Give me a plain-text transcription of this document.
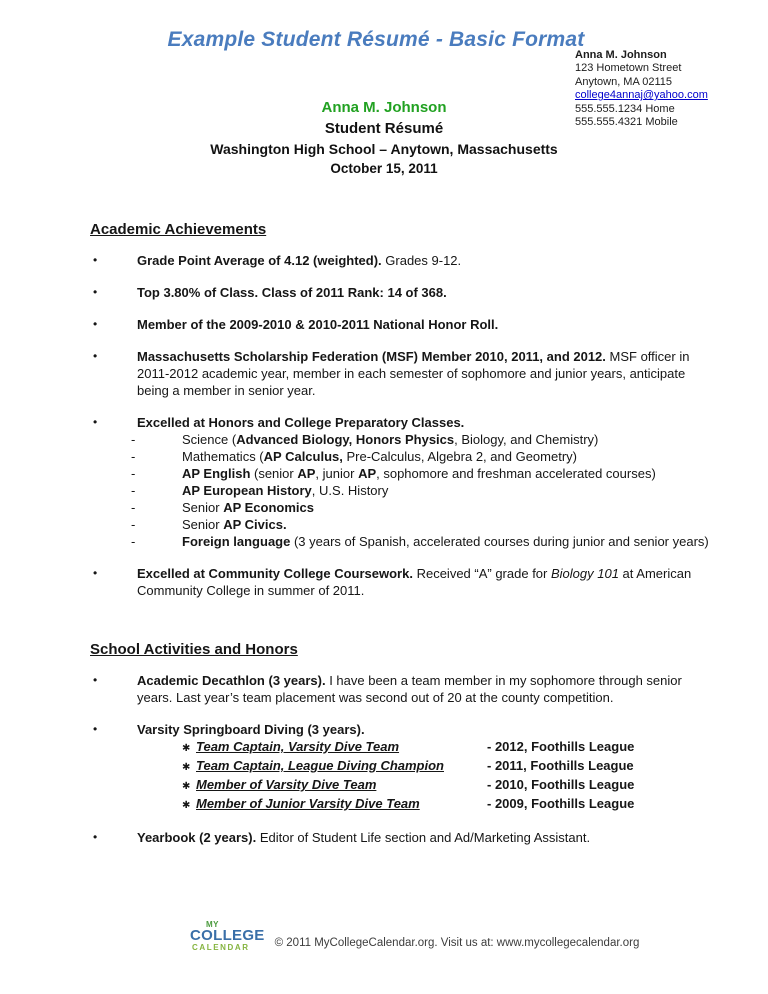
Example Student Résumé - Basic Format
Anna M. Johnson
123 Hometown Street
Anytown, MA 02115
college4annaj@yahoo.com
555.555.1234 Home
555.555.4321 Mobile
Anna M. Johnson
Student Résumé
Washington High School – Anytown, Massachusetts
October 15, 2011
Academic Achievements
•	Grade Point Average of 4.12 (weighted). Grades 9-12.
•	Top 3.80% of Class. Class of 2011 Rank: 14 of 368.
•	Member of the 2009-2010 & 2010-2011 National Honor Roll.
•	Massachusetts Scholarship Federation (MSF) Member 2010, 2011, and 2012. MSF officer in 2011-2012 academic year, member in each semester of sophomore and junior years, anticipate being a member in senior year.
•	Excelled at Honors and College Preparatory Classes.
-	Science (Advanced Biology, Honors Physics, Biology, and Chemistry)
-	Mathematics (AP Calculus, Pre-Calculus, Algebra 2, and Geometry)
-	AP English (senior AP, junior AP, sophomore and freshman accelerated courses)
-	AP European History, U.S. History
-	Senior AP Economics
-	Senior AP Civics.
-	Foreign language (3 years of Spanish, accelerated courses during junior and senior years)
•	Excelled at Community College Coursework. Received “A” grade for Biology 101 at American Community College in summer of 2011.
School Activities and Honors
•	Academic Decathlon (3 years). I have been a team member in my sophomore through senior years. Last year’s team placement was second out of 20 at the county competition.
•	Varsity Springboard Diving (3 years).
✱ Team Captain, Varsity Dive Team	- 2012, Foothills League
✱ Team Captain, League Diving Champion	- 2011, Foothills League
✱ Member of Varsity Dive Team	- 2010, Foothills League
✱ Member of Junior Varsity Dive Team	- 2009, Foothills League
•	Yearbook (2 years). Editor of Student Life section and Ad/Marketing Assistant.
MY
COLLEGE
CALENDAR	© 2011 MyCollegeCalendar.org. Visit us at: www.mycollegecalendar.org
